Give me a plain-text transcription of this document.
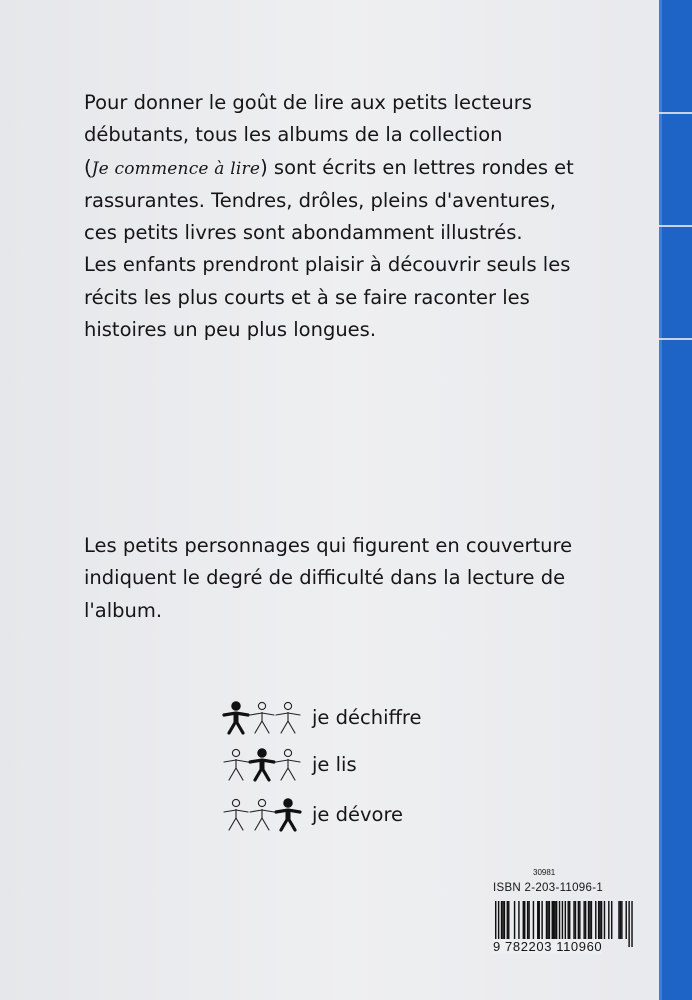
Pour donner le goût de lire aux petits lecteurs
débutants, tous les albums de la collection
(Je commence à lire) sont écrits en lettres rondes et
rassurantes. Tendres, drôles, pleins d'aventures,
ces petits livres sont abondamment illustrés.
Les enfants prendront plaisir à découvrir seuls les
récits les plus courts et à se faire raconter les
histoires un peu plus longues.

Les petits personnages qui figurent en couverture
indiquent le degré de difficulté dans la lecture de
l'album.

je déchiffre
je lis
je dévore
30981
ISBN 2-203-11096-1
9 782203 110960
